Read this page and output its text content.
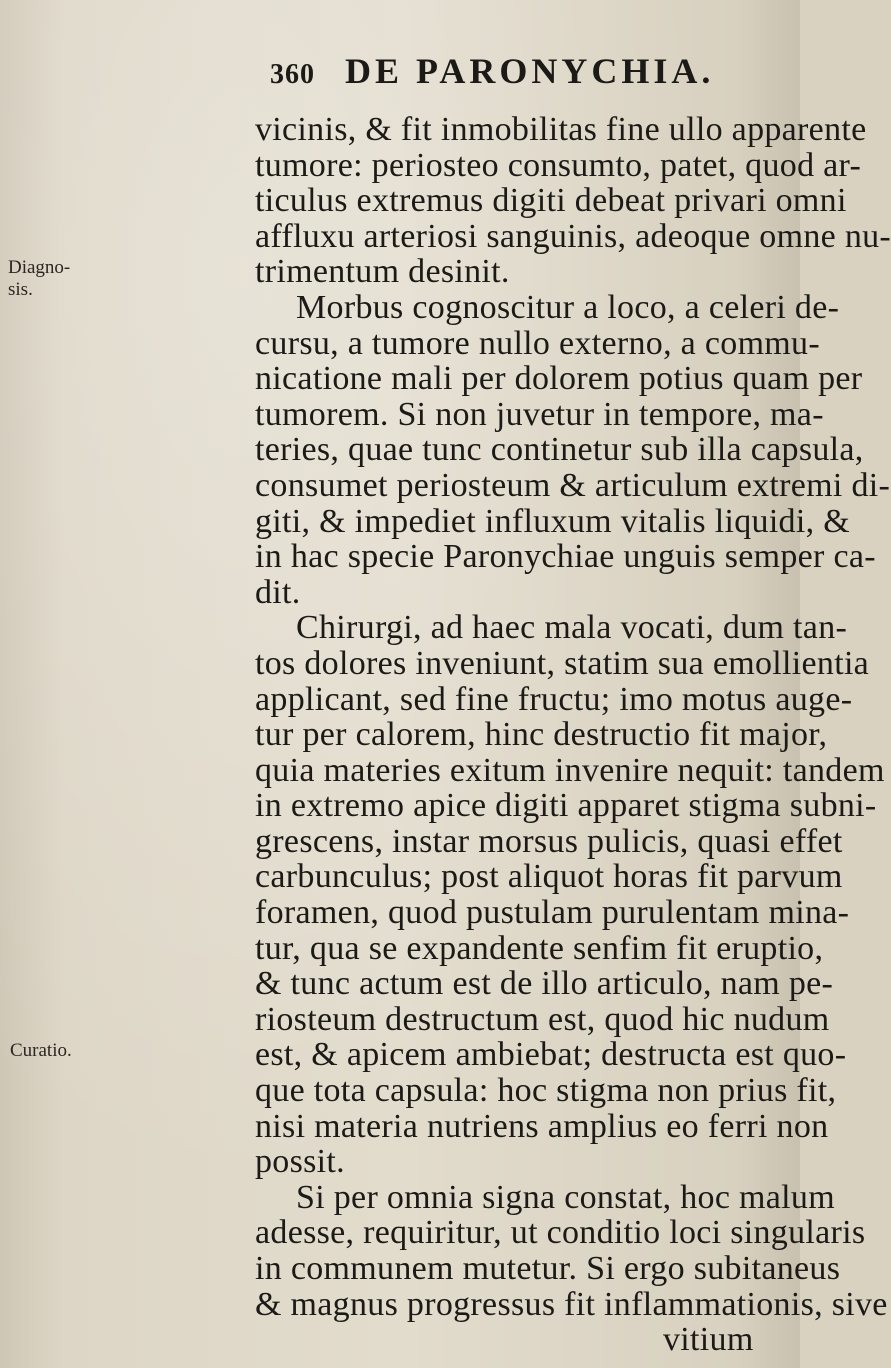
360 DE PARONYCHIA.
Diagno-
sis.
Curatio.
vicinis, & fit inmobilitas fine ullo apparente
tumore: periosteo consumto, patet, quod ar-
ticulus extremus digiti debeat privari omni
affluxu arteriosi sanguinis, adeoque omne nu-
trimentum desinit.
Morbus cognoscitur a loco, a celeri de-
cursu, a tumore nullo externo, a commu-
nicatione mali per dolorem potius quam per
tumorem. Si non juvetur in tempore, ma-
teries, quae tunc continetur sub illa capsula,
consumet periosteum & articulum extremi di-
giti, & impediet influxum vitalis liquidi, &
in hac specie Paronychiae unguis semper ca-
dit.
Chirurgi, ad haec mala vocati, dum tan-
tos dolores inveniunt, statim sua emollientia
applicant, sed fine fructu; imo motus auge-
tur per calorem, hinc destructio fit major,
quia materies exitum invenire nequit: tandem
in extremo apice digiti apparet stigma subni-
grescens, instar morsus pulicis, quasi effet
carbunculus; post aliquot horas fit parvum
foramen, quod pustulam purulentam mina-
tur, qua se expandente senfim fit eruptio,
& tunc actum est de illo articulo, nam pe-
riosteum destructum est, quod hic nudum
est, & apicem ambiebat; destructa est quo-
que tota capsula: hoc stigma non prius fit,
nisi materia nutriens amplius eo ferri non
possit.
Si per omnia signa constat, hoc malum
adesse, requiritur, ut conditio loci singularis
in communem mutetur. Si ergo subitaneus
& magnus progressus fit inflammationis, sive
vitium
